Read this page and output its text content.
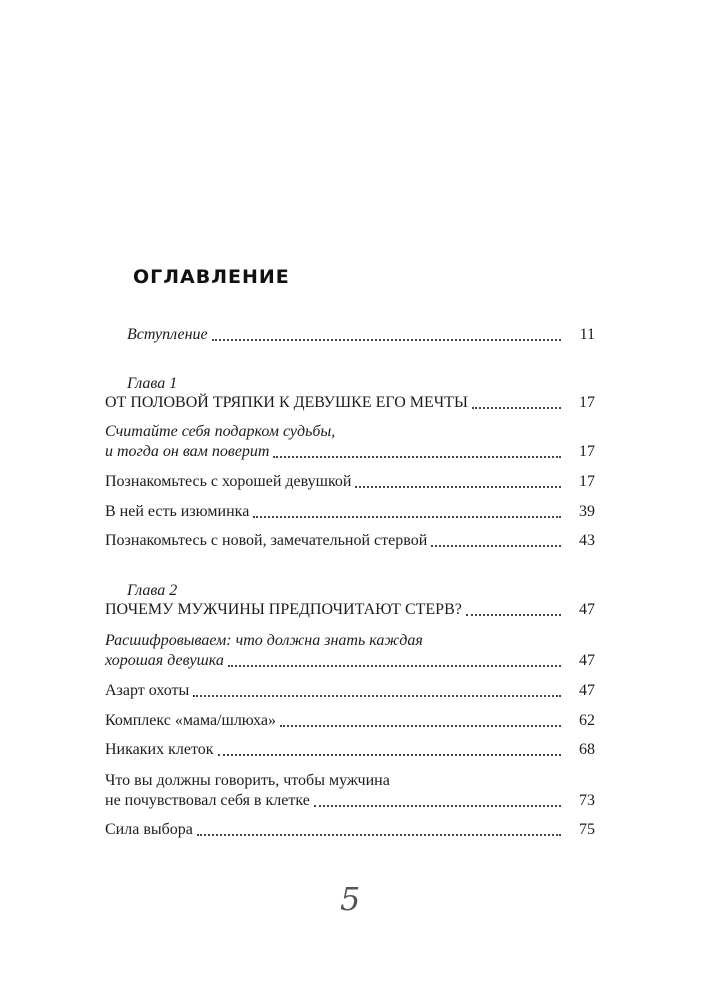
ОГЛАВЛЕНИЕ
Вступление	11
Глава 1
ОТ ПОЛОВОЙ ТРЯПКИ К ДЕВУШКЕ ЕГО МЕЧТЫ	17
Считайте себя подарком судьбы,
и тогда он вам поверит	17
Познакомьтесь с хорошей девушкой	17
В ней есть изюминка	39
Познакомьтесь с новой, замечательной стервой	43
Глава 2
ПОЧЕМУ МУЖЧИНЫ ПРЕДПОЧИТАЮТ СТЕРВ?	47
Расшифровываем: что должна знать каждая
хорошая девушка	47
Азарт охоты	47
Комплекс «мама/шлюха»	62
Никаких клеток	68
Что вы должны говорить, чтобы мужчина
не почувствовал себя в клетке	73
Сила выбора	75
5
